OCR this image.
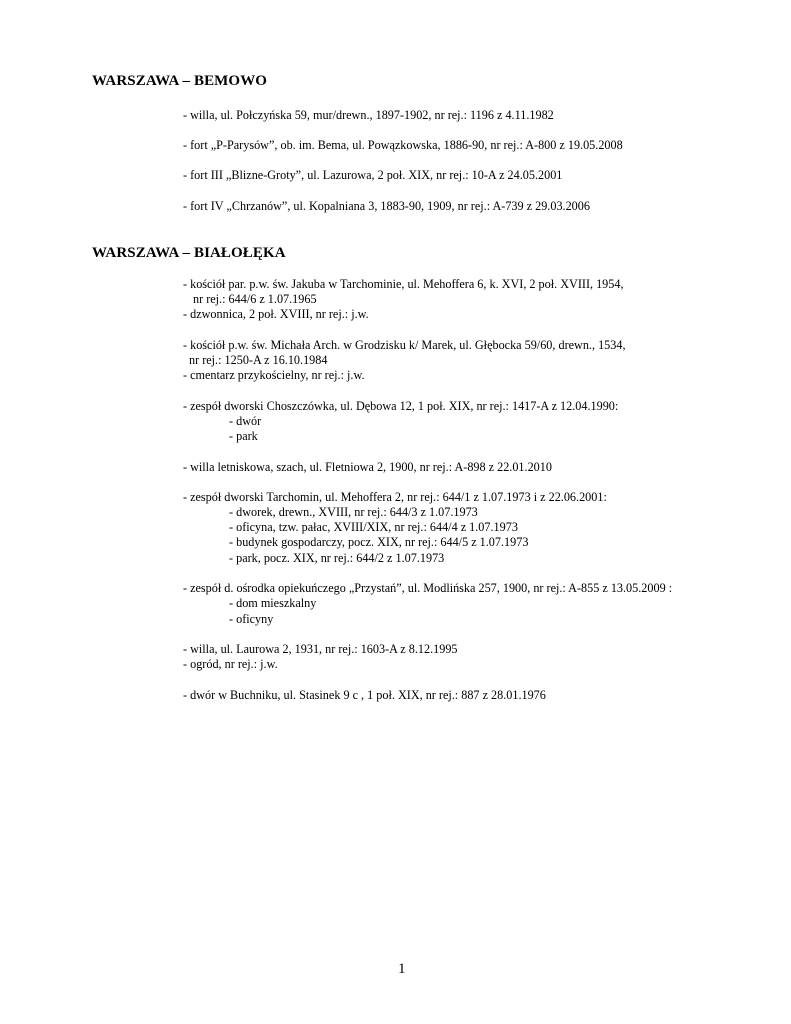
WARSZAWA – BEMOWO
- willa, ul. Połczyńska 59, mur/drewn., 1897-1902, nr rej.: 1196 z 4.11.1982
- fort „P-Parysów”, ob. im. Bema, ul. Powązkowska, 1886-90, nr rej.: A-800 z 19.05.2008
- fort III „Blizne-Groty”, ul. Lazurowa, 2 poł. XIX, nr rej.: 10-A z 24.05.2001
- fort IV „Chrzanów”, ul. Kopalniana 3, 1883-90, 1909, nr rej.: A-739 z 29.03.2006
WARSZAWA – BIAŁOŁĘKA
- kościół par. p.w. św. Jakuba w Tarchominie, ul. Mehoffera 6, k. XVI, 2 poł. XVIII, 1954,
nr rej.: 644/6 z 1.07.1965
- dzwonnica, 2 poł. XVIII, nr rej.: j.w.
- kościół p.w. św. Michała Arch. w Grodzisku k/ Marek, ul. Głębocka 59/60, drewn., 1534,
nr rej.: 1250-A z 16.10.1984
- cmentarz przykościelny, nr rej.: j.w.
- zespół dworski Choszczówka, ul. Dębowa 12, 1 poł. XIX, nr rej.: 1417-A z 12.04.1990:
- dwór
- park
- willa letniskowa, szach, ul. Fletniowa 2, 1900, nr rej.: A-898 z 22.01.2010
- zespół dworski Tarchomin, ul. Mehoffera 2, nr rej.: 644/1 z 1.07.1973 i z 22.06.2001:
- dworek, drewn., XVIII, nr rej.: 644/3 z 1.07.1973
- oficyna, tzw. pałac, XVIII/XIX, nr rej.: 644/4 z 1.07.1973
- budynek gospodarczy, pocz. XIX, nr rej.: 644/5 z 1.07.1973
- park, pocz. XIX, nr rej.: 644/2 z 1.07.1973
- zespół d. ośrodka opiekuńczego „Przystań”, ul. Modlińska 257, 1900, nr rej.: A-855 z 13.05.2009 :
- dom mieszkalny
- oficyny
- willa, ul. Laurowa 2, 1931, nr rej.: 1603-A z 8.12.1995
- ogród, nr rej.: j.w.
- dwór w Buchniku, ul. Stasinek 9 c , 1 poł. XIX, nr rej.: 887 z 28.01.1976
1
